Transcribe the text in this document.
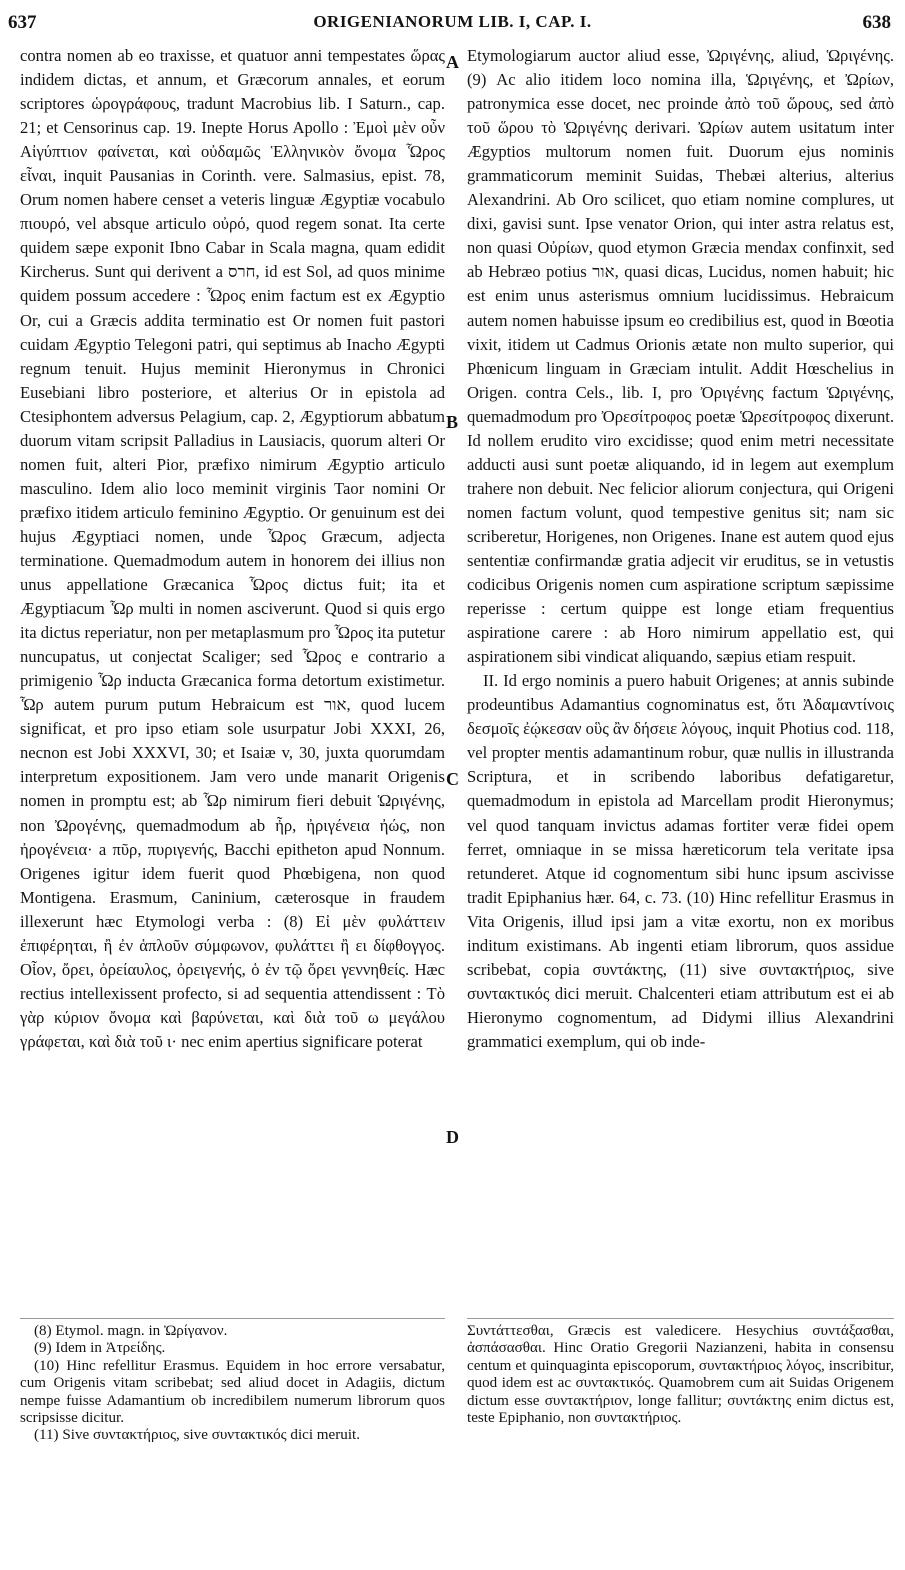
637	ORIGENIANORUM LIB. I, CAP. I.	638

contra nomen ab eo traxisse, et quatuor anni tempestates ὥρας indidem dictas, et annum, et Græcorum annales, et eorum scriptores ὡρογράφους, tradunt Macrobius lib. I Saturn., cap. 21; et Censorinus cap. 19. Inepte Horus Apollo : Ἐμοὶ μὲν οὖν Αἰγύπτιον φαίνεται, καὶ οὐδαμῶς Ἑλληνικὸν ὄνομα Ὧρος εἶναι, inquit Pausanias in Corinth. vere. Salmasius, epist. 78, Orum nomen habere censet a veteris linguæ Ægyptiæ vocabulo πιουρό, vel absque articulo οὐρό, quod regem sonat. Ita certe quidem sæpe exponit Ibno Cabar in Scala magna, quam edidit Kircherus. Sunt qui derivent a חרס, id est Sol, ad quos minime quidem possum accedere : Ὧρος enim factum est ex Ægyptio Or, cui a Græcis addita terminatio est Or nomen fuit pastori cuidam Ægyptio Telegoni patri, qui septimus ab Inacho Ægypti regnum tenuit. Hujus meminit Hieronymus in Chronici Eusebiani libro posteriore, et alterius Or in epistola ad Ctesiphontem adversus Pelagium, cap. 2, Ægyptiorum abbatum duorum vitam scripsit Palladius in Lausiacis, quorum alteri Or nomen fuit, alteri Pior, præfixo nimirum Ægyptio articulo masculino. Idem alio loco meminit virginis Taor nomini Or præfixo itidem articulo feminino Ægyptio. Or genuinum est dei hujus Ægyptiaci nomen, unde Ὧρος Græcum, adjecta terminatione. Quemadmodum autem in honorem dei illius non unus appellatione Græcanica Ὧρος dictus fuit; ita et Ægyptiacum Ὧρ multi in nomen asciverunt. Quod si quis ergo ita dictus reperiatur, non per metaplasmum pro Ὧρος ita putetur nuncupatus, ut conjectat Scaliger; sed Ὧρος e contrario a primigenio Ὧρ inducta Græcanica forma detortum existimetur. Ὧρ autem purum putum Hebraicum est אור, quod lucem significat, et pro ipso etiam sole usurpatur Jobi XXXI, 26, necnon est Jobi XXXVI, 30; et Isaiæ v, 30, juxta quorumdam interpretum expositionem. Jam vero unde manarit Origenis nomen in promptu est; ab Ὧρ nimirum fieri debuit Ὡριγένης, non Ὠρογένης, quemadmodum ab ἦρ, ἠριγένεια ἠώς, non ἠρογένεια· a πῦρ, πυριγενής, Bacchi epitheton apud Nonnum. Origenes igitur idem fuerit quod Phœbigena, non quod Montigena. Erasmum, Caninium, cæterosque in fraudem illexerunt hæc Etymologi verba : (8) Εἰ μὲν φυλάττειν ἐπιφέρηται, ἢ ἐν ἁπλοῦν σύμφωνον, φυλάττει ἢ ει δίφθογγος. Οἷον, ὄρει, ὀρείαυλος, ὀρειγενής, ὁ ἐν τῷ ὄρει γεννηθείς. Hæc rectius intellexissent profecto, si ad sequentia attendissent : Τὸ γὰρ κύριον ὄνομα καὶ βαρύνεται, καὶ διὰ τοῦ ω μεγάλου γράφεται, καὶ διὰ τοῦ ι· nec enim apertius significare poterat

A
B
C
D

Etymologiarum auctor aliud esse, Ὠριγένης, aliud, Ὡριγένης. (9) Ac alio itidem loco nomina illa, Ὡριγένης, et Ὠρίων, patronymica esse docet, nec proinde ἀπὸ τοῦ ὥρους, sed ἀπὸ τοῦ ὥρου τὸ Ὡριγένης derivari. Ὠρίων autem usitatum inter Ægyptios multorum nomen fuit. Duorum ejus nominis grammaticorum meminit Suidas, Thebæi alterius, alterius Alexandrini. Ab Oro scilicet, quo etiam nomine complures, ut dixi, gavisi sunt. Ipse venator Orion, qui inter astra relatus est, non quasi Οὐρίων, quod etymon Græcia mendax confinxit, sed ab Hebræo potius אור, quasi dicas, Lucidus, nomen habuit; hic est enim unus asterismus omnium lucidissimus. Hebraicum autem nomen habuisse ipsum eo credibilius est, quod in Bœotia vixit, itidem ut Cadmus Orionis ætate non multo superior, qui Phœnicum linguam in Græciam intulit. Addit Hœschelius in Origen. contra Cels., lib. I, pro Ὀριγένης factum Ὡριγένης, quemadmodum pro Ὀρεσίτροφος poetæ Ὡρεσίτροφος dixerunt. Id nollem erudito viro excidisse; quod enim metri necessitate adducti ausi sunt poetæ aliquando, id in legem aut exemplum trahere non debuit. Nec felicior aliorum conjectura, qui Origeni nomen factum volunt, quod tempestive genitus sit; nam sic scriberetur, Horigenes, non Origenes. Inane est autem quod ejus sententiæ confirmandæ gratia adjecit vir eruditus, se in vetustis codicibus Origenis nomen cum aspiratione scriptum sæpissime reperisse : certum quippe est longe etiam frequentius aspiratione carere : ab Horo nimirum appellatio est, qui aspirationem sibi vindicat aliquando, sæpius etiam respuit.

II. Id ergo nominis a puero habuit Origenes; at annis subinde prodeuntibus Adamantius cognominatus est, ὅτι Ἀδαμαντίνοις δεσμοῖς ἐῴκεσαν οὓς ἂν δήσειε λόγους, inquit Photius cod. 118, vel propter mentis adamantinum robur, quæ nullis in illustranda Scriptura, et in scribendo laboribus defatigaretur, quemadmodum in epistola ad Marcellam prodit Hieronymus; vel quod tanquam invictus adamas fortiter veræ fidei opem ferret, omniaque in se missa hæreticorum tela veritate ipsa retunderet. Atque id cognomentum sibi hunc ipsum ascivisse tradit Epiphanius hær. 64, c. 73. (10) Hinc refellitur Erasmus in Vita Origenis, illud ipsi jam a vitæ exortu, non ex moribus inditum existimans. Ab ingenti etiam librorum, quos assidue scribebat, copia συντάκτης, (11) sive συντακτήριος, sive συντακτικός dici meruit. Chalcenteri etiam attributum est ei ab Hieronymo cognomentum, ad Didymi illius Alexandrini grammatici exemplum, qui ob inde-

(8) Etymol. magn. in Ὠρίγανον.

(9) Idem in Ἀτρείδης.

(10) Hinc refellitur Erasmus. Equidem in hoc errore versabatur, cum Origenis vitam scribebat; sed aliud docet in Adagiis, dictum nempe fuisse Adamantium ob incredibilem numerum librorum quos scripsisse dicitur.

(11) Sive συντακτήριος, sive συντακτικός dici meruit.

Συντάττεσθαι, Græcis est valedicere. Hesychius συντάξασθαι, ἀσπάσασθαι. Hinc Oratio Gregorii Nazianzeni, habita in consensu centum et quinquaginta episcoporum, συντακτήριος λόγος, inscribitur, quod idem est ac συντακτικός. Quamobrem cum ait Suidas Origenem dictum esse συντακτήριον, longe fallitur; συντάκτης enim dictus est, teste Epiphanio, non συντακτήριος.
